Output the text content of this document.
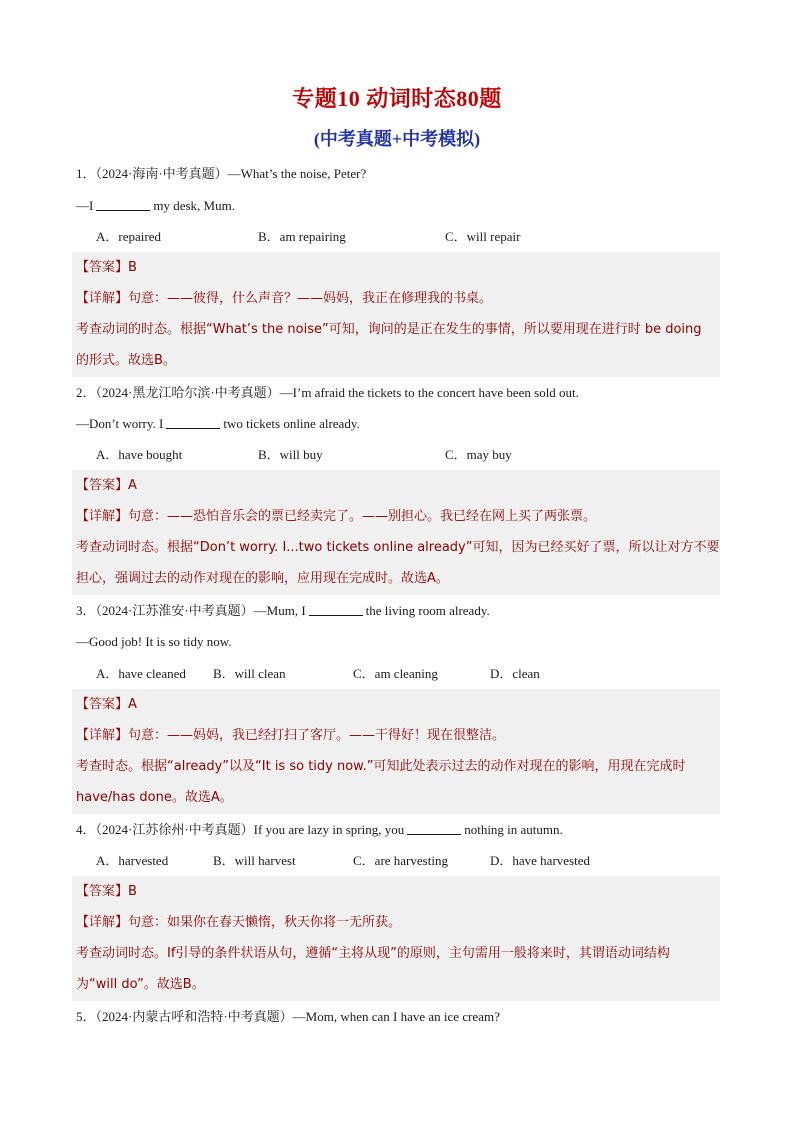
专题10 动词时态80题
(中考真题+中考模拟)
1．（2024·海南·中考真题）—What’s the noise, Peter?
—I	my desk, Mum.
A．repaired	B．am repairing	C．will repair
【答案】B
【详解】句意：——彼得，什么声音？——妈妈，我正在修理我的书桌。
考查动词的时态。根据“What’s the noise”可知，询问的是正在发生的事情，所以要用现在进行时 be doing
的形式。故选B。
2．（2024·黑龙江哈尔滨·中考真题）—I’m afraid the tickets to the concert have been sold out.
—Don’t worry. I	two tickets online already.
A．have bought	B．will buy	C．may buy
【答案】A
【详解】句意：——恐怕音乐会的票已经卖完了。——别担心。我已经在网上买了两张票。
考查动词时态。根据“Don’t worry. I...two tickets online already”可知，因为已经买好了票，所以让对方不要
担心，强调过去的动作对现在的影响，应用现在完成时。故选A。
3．（2024·江苏淮安·中考真题）—Mum, I	the living room already.
—Good job! It is so tidy now.
A．have cleaned B．will clean	C．am cleaning	D．clean
【答案】A
【详解】句意：——妈妈，我已经打扫了客厅。——干得好！现在很整洁。
考查时态。根据“already”以及“It is so tidy now.”可知此处表示过去的动作对现在的影响，用现在完成时
have/has done。故选A。
4．（2024·江苏徐州·中考真题）If you are lazy in spring, you	nothing in autumn.
A．harvested	B．will harvest	C．are harvesting	D．have harvested
【答案】B
【详解】句意：如果你在春天懒惰，秋天你将一无所获。
考查动词时态。If引导的条件状语从句，遵循“主将从现”的原则，主句需用一般将来时，其谓语动词结构
为“will do”。故选B。
5．（2024·内蒙古呼和浩特·中考真题）—Mom, when can I have an ice cream?
